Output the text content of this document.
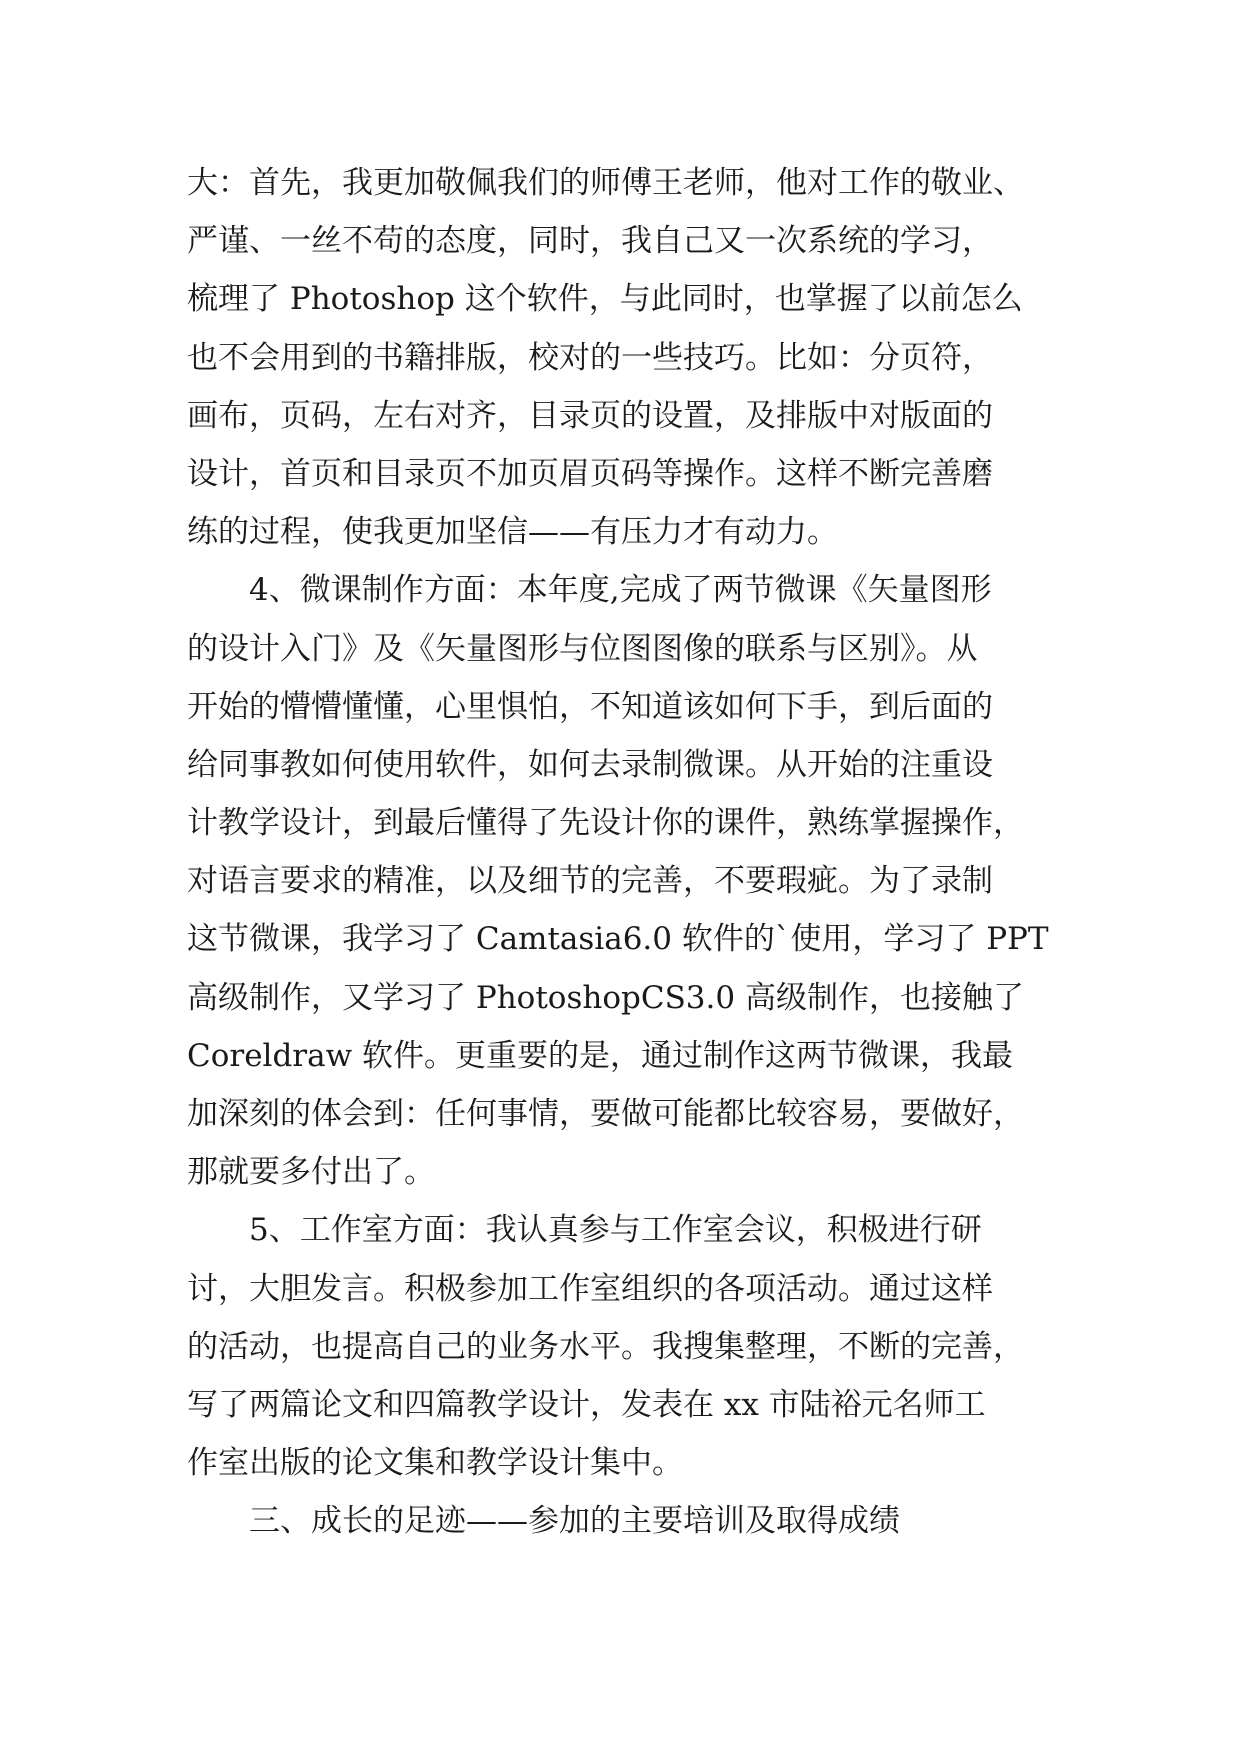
大：首先，我更加敬佩我们的师傅王老师，他对工作的敬业、
严谨、一丝不苟的态度，同时，我自己又一次系统的学习，
梳理了 Photoshop 这个软件，与此同时，也掌握了以前怎么
也不会用到的书籍排版，校对的一些技巧。比如：分页符，
画布，页码，左右对齐，目录页的设置，及排版中对版面的
设计，首页和目录页不加页眉页码等操作。这样不断完善磨
练的过程，使我更加坚信——有压力才有动力。
4、微课制作方面：本年度,完成了两节微课《矢量图形
的设计入门》及《矢量图形与位图图像的联系与区别》。从
开始的懵懵懂懂，心里惧怕，不知道该如何下手，到后面的
给同事教如何使用软件，如何去录制微课。从开始的注重设
计教学设计，到最后懂得了先设计你的课件，熟练掌握操作，
对语言要求的精准，以及细节的完善，不要瑕疵。为了录制
这节微课，我学习了 Camtasia6.0 软件的`使用，学习了 PPT
高级制作，又学习了 PhotoshopCS3.0 高级制作，也接触了
Coreldraw 软件。更重要的是，通过制作这两节微课，我最
加深刻的体会到：任何事情，要做可能都比较容易，要做好，
那就要多付出了。
5、工作室方面：我认真参与工作室会议，积极进行研
讨，大胆发言。积极参加工作室组织的各项活动。通过这样
的活动，也提高自己的业务水平。我搜集整理，不断的完善，
写了两篇论文和四篇教学设计，发表在 xx 市陆裕元名师工
作室出版的论文集和教学设计集中。
三、成长的足迹——参加的主要培训及取得成绩
